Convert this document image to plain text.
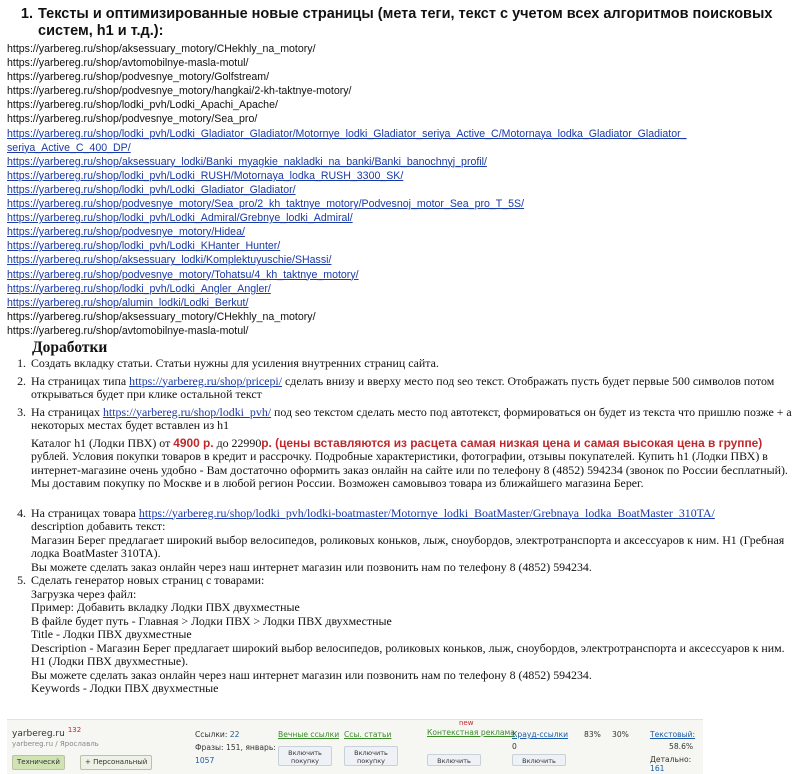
1. Тексты и оптимизированные новые страницы (мета теги, текст с учетом всех алгоритмов поисковых систем, h1 и т.д.):
https://yarbereg.ru/shop/aksessuary_motory/CHekhly_na_motory/
https://yarbereg.ru/shop/avtomobilnye-masla-motul/
https://yarbereg.ru/shop/podvesnye_motory/Golfstream/
https://yarbereg.ru/shop/podvesnye_motory/hangkai/2-kh-taktnye-motory/
https://yarbereg.ru/shop/lodki_pvh/Lodki_Apachi_Apache/
https://yarbereg.ru/shop/podvesnye_motory/Sea_pro/
https://yarbereg.ru/shop/lodki_pvh/Lodki_Gladiator_Gladiator/Motornye_lodki_Gladiator_seriya_Active_C/Motornaya_lodka_Gladiator_Gladiator_seriya_Active_C_400_DP/
https://yarbereg.ru/shop/aksessuary_lodki/Banki_myagkie_nakladki_na_banki/Banki_banochnyj_profil/
https://yarbereg.ru/shop/lodki_pvh/Lodki_RUSH/Motornaya_lodka_RUSH_3300_SK/
https://yarbereg.ru/shop/lodki_pvh/Lodki_Gladiator_Gladiator/
https://yarbereg.ru/shop/podvesnye_motory/Sea_pro/2_kh_taktnye_motory/Podvesnoj_motor_Sea_pro_T_5S/
https://yarbereg.ru/shop/lodki_pvh/Lodki_Admiral/Grebnye_lodki_Admiral/
https://yarbereg.ru/shop/podvesnye_motory/Hidea/
https://yarbereg.ru/shop/lodki_pvh/Lodki_KHanter_Hunter/
https://yarbereg.ru/shop/aksessuary_lodki/Komplektuyuschie/SHassi/
https://yarbereg.ru/shop/podvesnye_motory/Tohatsu/4_kh_taktnye_motory/
https://yarbereg.ru/shop/lodki_pvh/Lodki_Angler_Angler/
https://yarbereg.ru/shop/alumin_lodki/Lodki_Berkut/
https://yarbereg.ru/shop/aksessuary_motory/CHekhly_na_motory/
https://yarbereg.ru/shop/avtomobilnye-masla-motul/
Доработки
1. Создать вкладку статьи. Статьи нужны для усиления внутренних страниц сайта.
2. На страницах типа https://yarbereg.ru/shop/pricepi/ сделать внизу и вверху место под seo текст. Отображать пусть будет первые 500 символов потом открываться будет при клике остальной текст
3. На страницах https://yarbereg.ru/shop/lodki_pvh/ под seo текстом сделать место под автотекст, формироваться он будет из текста что пришлю позже + а некоторых местах будет вставлен из h1
Каталог h1 (Лодки ПВХ) от 4900 р. до 22990р. (цены вставляются из расцета самая низкая цена и самая высокая цена в группе) рублей. Условия покупки товаров в кредит и рассрочку. Подробные характеристики, фотографии, отзывы покупателей. Купить h1 (Лодки ПВХ) в интернет-магазине очень удобно - Вам достаточно оформить заказ онлайн на сайте или по телефону 8 (4852) 594234 (звонок по России бесплатный). Мы доставим покупку по Москве и в любой регион России. Возможен самовывоз товара из ближайшего магазина Берег.
4. На страницах товара https://yarbereg.ru/shop/lodki_pvh/lodki-boatmaster/Motornye_lodki_BoatMaster/Grebnaya_lodka_BoatMaster_310TA/
description добавить текст:
Магазин Берег предлагает широкий выбор велосипедов, роликовых коньков, лыж, сноубордов, электротранспорта и аксессуаров к ним. Н1 (Гребная лодка BoatMaster 310TA).
Вы можете сделать заказ онлайн через наш интернет магазин или позвонить нам по телефону 8 (4852) 594234.
5. Сделать генератор новых страниц с товарами:
Загрузка через файл:
Пример: Добавить вкладку Лодки ПВХ двухместные
В файле будет путь - Главная > Лодки ПВХ > Лодки ПВХ двухместные
Title - Лодки ПВХ двухместные
Description - Магазин Берег предлагает широкий выбор велосипедов, роликовых коньков, лыж, сноубордов, электротранспорта и аксессуаров к ним. Н1 (Лодки ПВХ двухместные).
Вы можете сделать заказ онлайн через наш интернет магазин или позвонить нам по телефону 8 (4852) 594234.
Keywords - Лодки ПВХ двухместные
yarbereg.ru $^{132}$
yarbereg.ru / Ярославль
Техническй	+ Персональный
Ссылки: 22
Фразы: 151, январь:
1057
Вечные ссылки
Включить покупку
Ссы. статьи
Включить покупку
Контекстная реклама
new
Включить
Крауд-ссылки
0
Включить
83% 30%	Текстовый:
58.6%
Детально: 161
